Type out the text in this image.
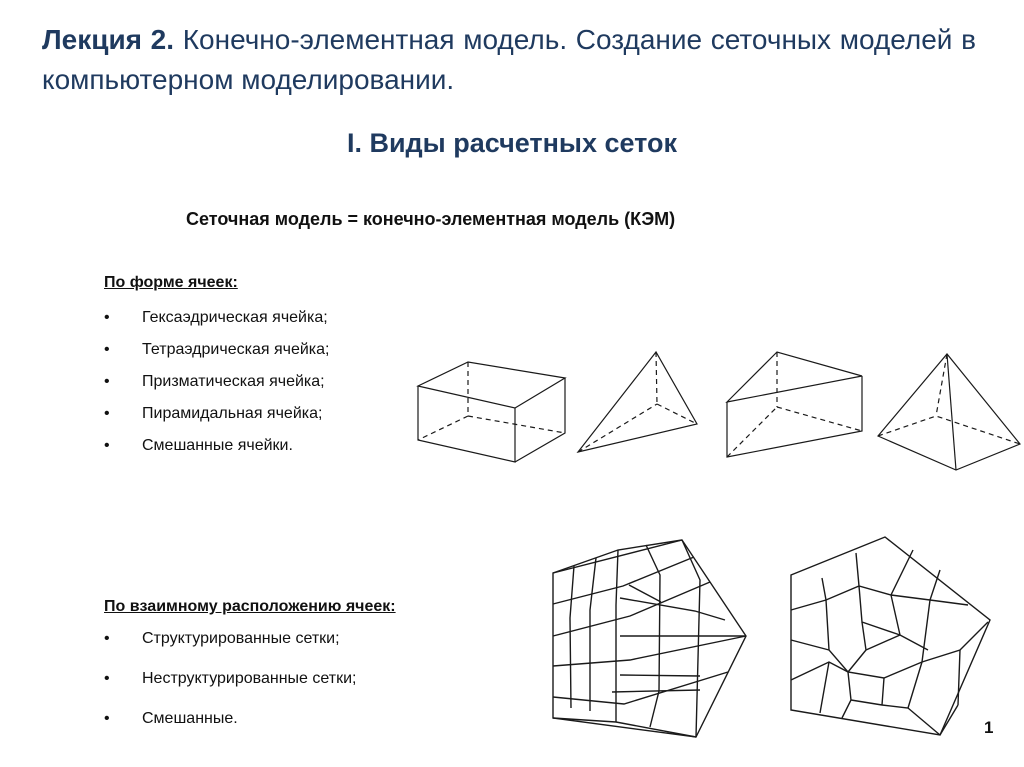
Лекция 2. Конечно-элементная модель. Создание сеточных моделей в компьютерном моделировании.
I. Виды расчетных сеток
Сеточная модель = конечно-элементная модель (КЭМ)
По форме ячеек:
• Гексаэдрическая ячейка;
• Тетраэдрическая ячейка;
• Призматическая ячейка;
• Пирамидальная ячейка;
• Смешанные ячейки.
По взаимному расположению ячеек:
• Структурированные сетки;
• Неструктурированные сетки;
• Смешанные.	1
